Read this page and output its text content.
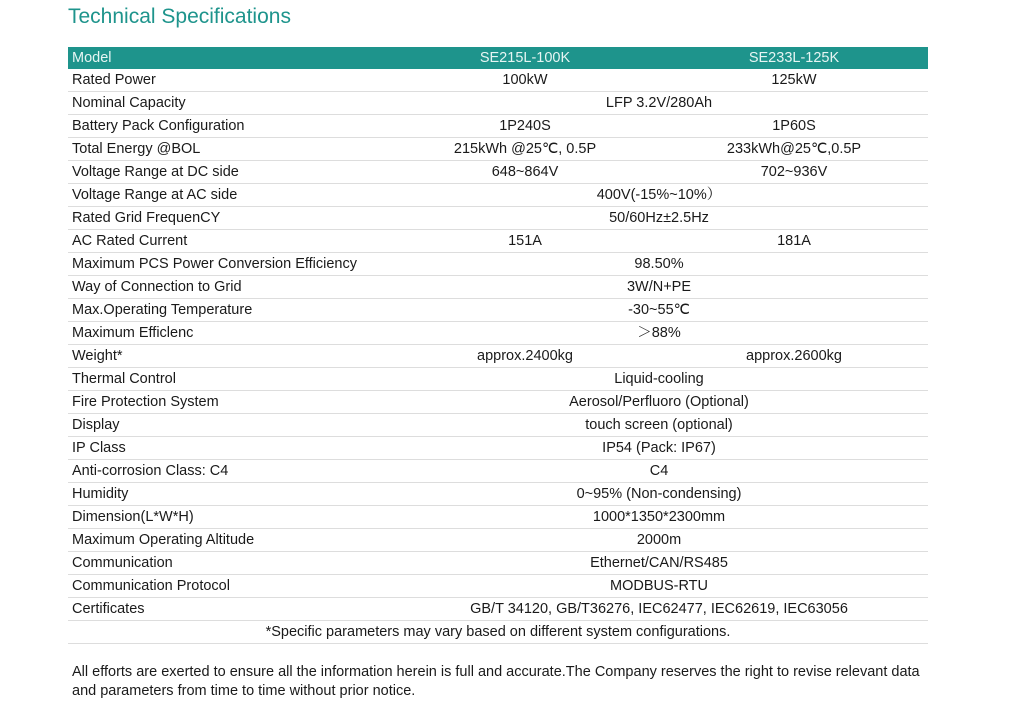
Technical Specifications
Model	SE215L-100K	SE233L-125K
Rated Power	100kW	125kW
Nominal Capacity	LFP 3.2V/280Ah	
Battery Pack Configuration	1P240S	1P60S
Total Energy @BOL	215kWh @25℃, 0.5P	233kWh@25℃,0.5P
Voltage Range at DC side	648~864V	702~936V
Voltage Range at AC side	400V(-15%~10%）	
Rated Grid FrequenCY	50/60Hz±2.5Hz	
AC Rated Current	151A	181A
Maximum PCS Power Conversion Efficiency	98.50%	
Way of Connection to Grid	3W/N+PE	
Max.Operating Temperature	-30~55℃	
Maximum Efficlenc	＞88%	
Weight*	approx.2400kg	approx.2600kg
Thermal Control	Liquid-cooling	
Fire Protection System	Aerosol/Perfluoro (Optional)	
Display	touch screen (optional)	
IP Class	IP54 (Pack: IP67)	
Anti-corrosion Class: C4	C4	
Humidity	0~95% (Non-condensing)	
Dimension(L*W*H)	1000*1350*2300mm	
Maximum Operating Altitude	2000m	
Communication	Ethernet/CAN/RS485	
Communication Protocol	MODBUS-RTU	
Certificates	GB/T 34120, GB/T36276, IEC62477, IEC62619, IEC63056	
*Specific parameters may vary based on different system configurations.		
All efforts are exerted to ensure all the information herein is full and accurate.The Company reserves the right to revise relevant data and parameters from time to time without prior notice.
